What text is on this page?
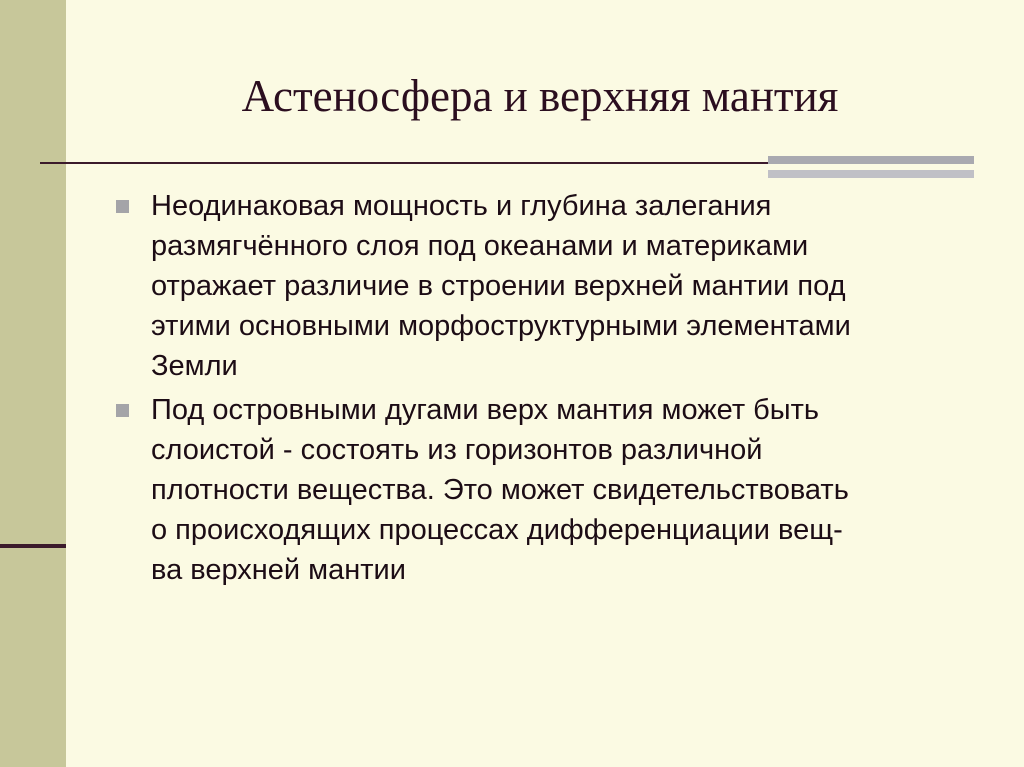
Астеносфера и верхняя мантия
Неодинаковая мощность и глубина залегания
размягчённого слоя под океанами и материками
отражает различие в строении верхней мантии под
этими основными морфоструктурными элементами
Земли
Под островными дугами верх мантия может быть
слоистой - состоять из горизонтов различной
плотности вещества. Это может свидетельствовать
о происходящих процессах дифференциации вещ-
ва верхней мантии
